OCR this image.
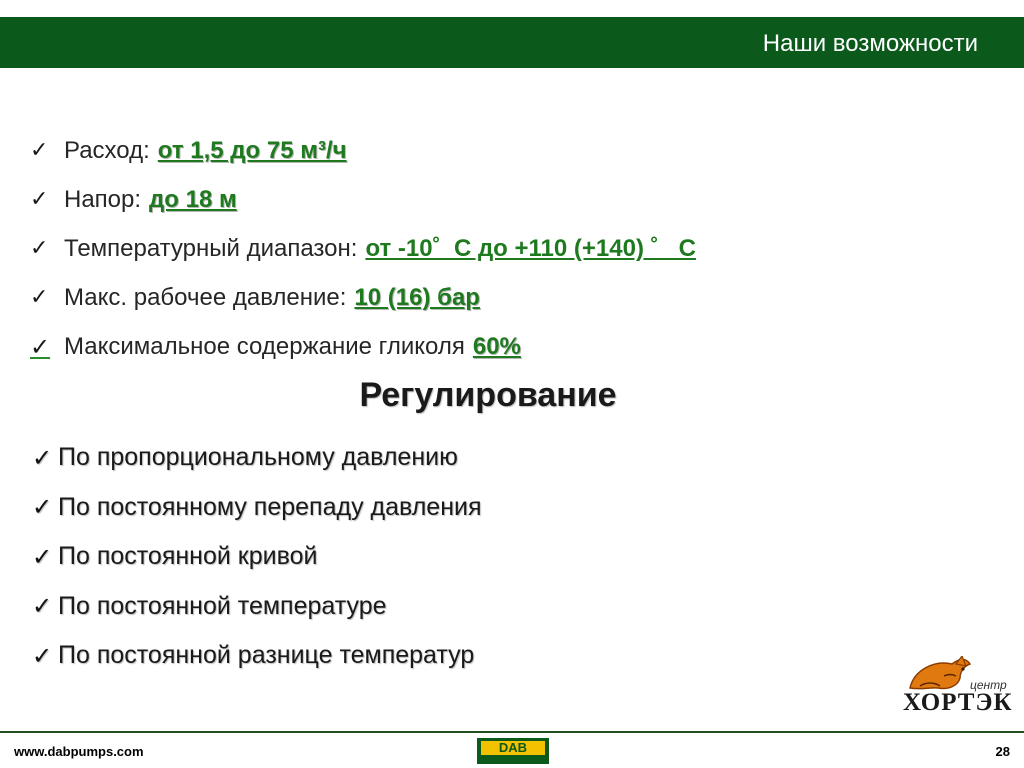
Наши возможности
✓ Расход: от 1,5 до 75 м³/ч
✓ Напор: до 18 м
✓ Температурный диапазон: от -10˚  С до +110 (+140) ˚   С
✓ Макс. рабочее давление: 10 (16) бар
✓ Максимальное содержание гликоля 60%
Регулирование
✓ По пропорциональному давлению
✓ По постоянному перепаду давления
✓ По постоянной кривой
✓ По постоянной температуре
✓ По постоянной разнице температур
центр
ХОРТЭК
www.dabpumps.com	DAB	28
